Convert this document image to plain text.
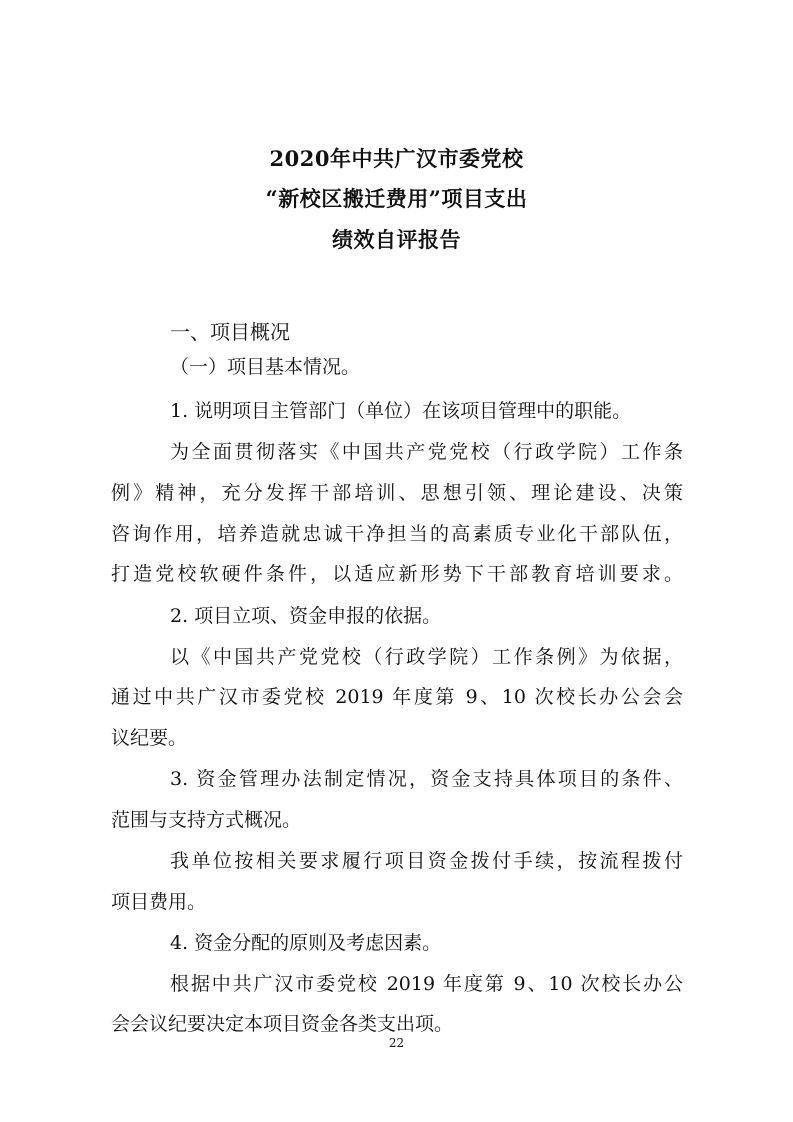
2020年中共广汉市委党校
“新校区搬迁费用”项目支出
绩效自评报告
一、项目概况
（一）项目基本情况。
1. 说明项目主管部门（单位）在该项目管理中的职能。
为全面贯彻落实《中国共产党党校（行政学院）工作条
例》精神，充分发挥干部培训、思想引领、理论建设、决策
咨询作用，培养造就忠诚干净担当的高素质专业化干部队伍，
打造党校软硬件条件，以适应新形势下干部教育培训要求。
2. 项目立项、资金申报的依据。
以《中国共产党党校（行政学院）工作条例》为依据，
通过中共广汉市委党校 2019 年度第 9、10 次校长办公会会
议纪要。
3. 资金管理办法制定情况，资金支持具体项目的条件、
范围与支持方式概况。
我单位按相关要求履行项目资金拨付手续，按流程拨付
项目费用。
4. 资金分配的原则及考虑因素。
根据中共广汉市委党校 2019 年度第 9、10 次校长办公
会会议纪要决定本项目资金各类支出项。
22
